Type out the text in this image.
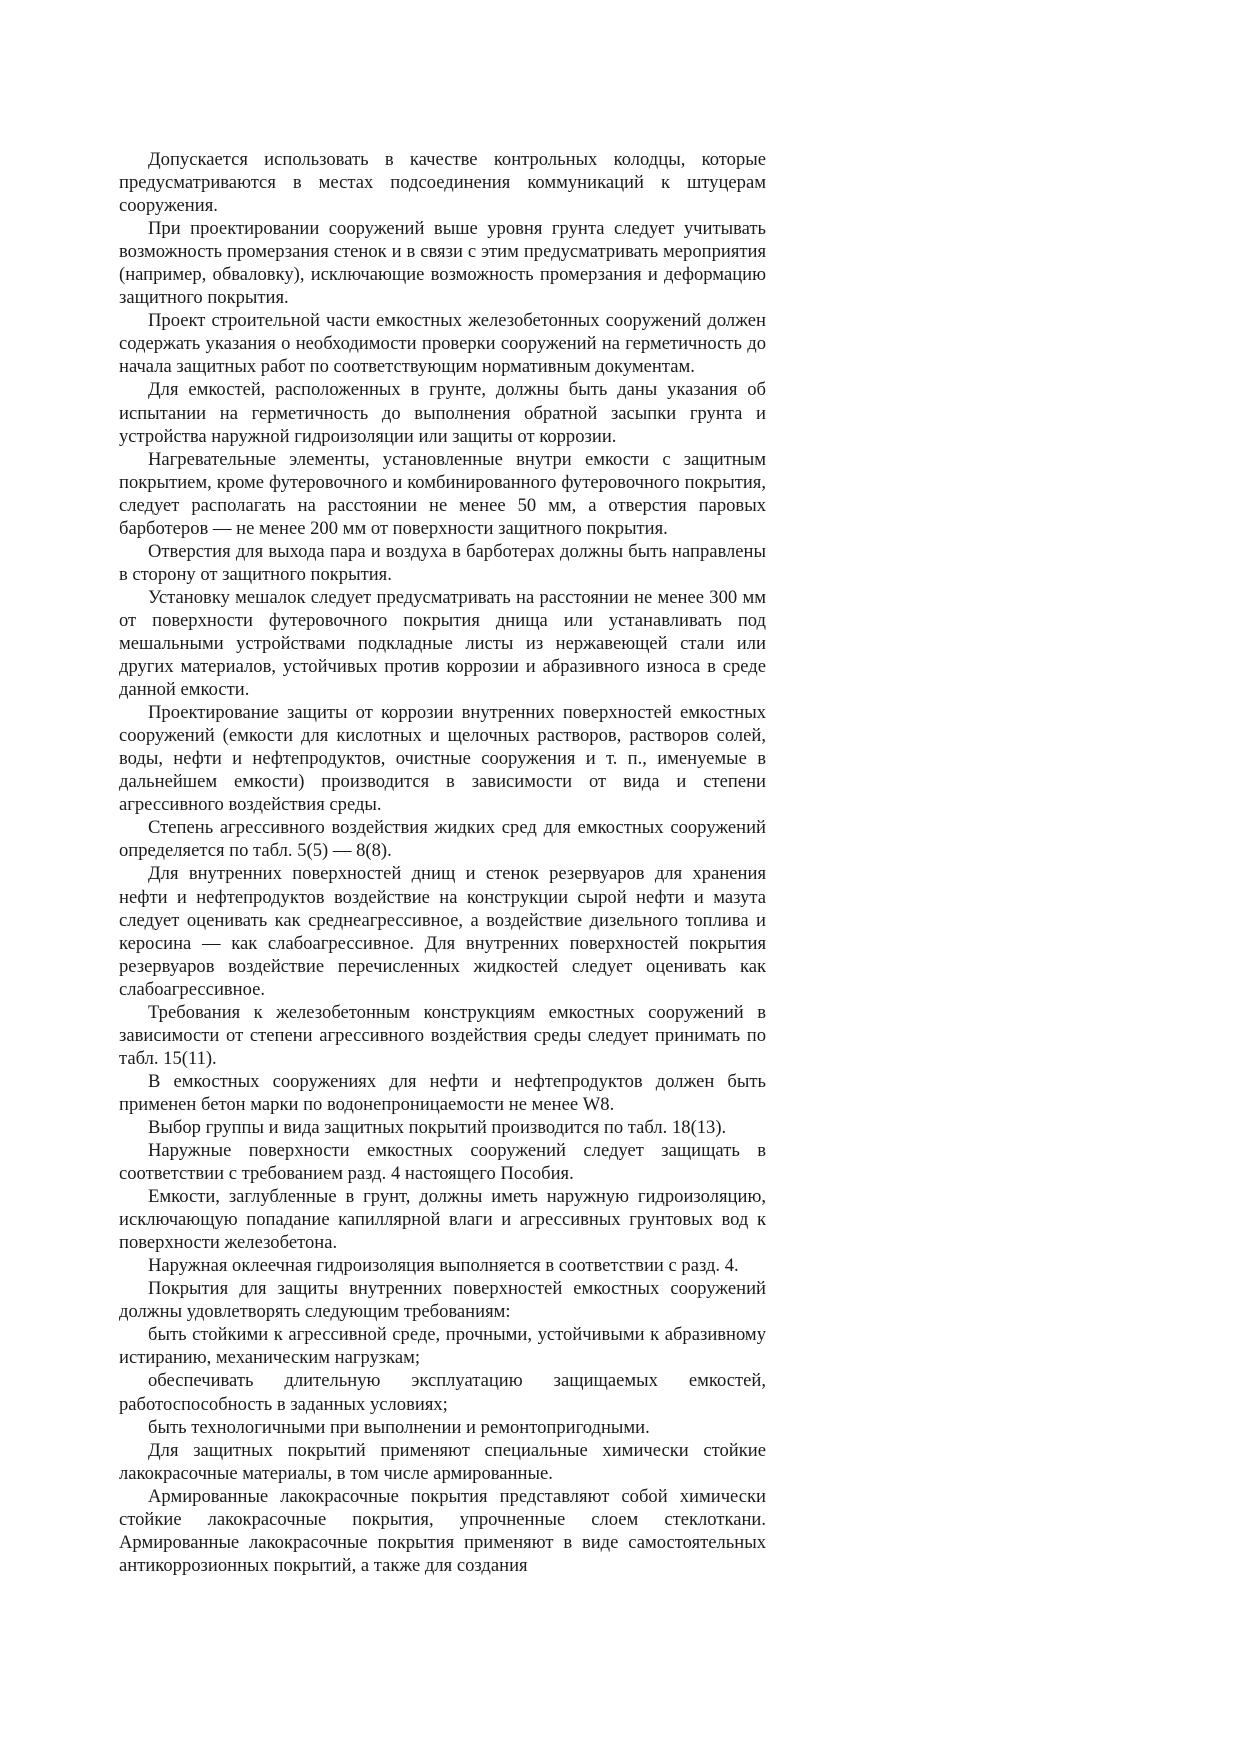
Допускается использовать в качестве контрольных колодцы, которые предусматриваются в местах подсоединения коммуникаций к штуцерам сооружения.

При проектировании сооружений выше уровня грунта следует учитывать возможность промерзания стенок и в связи с этим предусматривать мероприятия (например, обваловку), исключающие возможность промерзания и деформацию защитного покрытия.

Проект строительной части емкостных железобетонных сооружений должен содержать указания о необходимости проверки сооружений на герметичность до начала защитных работ по соответствующим нормативным документам.

Для емкостей, расположенных в грунте, должны быть даны указания об испытании на герметичность до выполнения обратной засыпки грунта и устройства наружной гидроизоляции или защиты от коррозии.

Нагревательные элементы, установленные внутри емкости с защитным покрытием, кроме футеровочного и комбинированного футеровочного покрытия, следует располагать на расстоянии не менее 50 мм, а отверстия паровых барботеров — не менее 200 мм от поверхности защитного покрытия.

Отверстия для выхода пара и воздуха в барботерах должны быть направлены в сторону от защитного покрытия.

Установку мешалок следует предусматривать на расстоянии не менее 300 мм от поверхности футеровочного покрытия днища или устанавливать под мешальными устройствами подкладные листы из нержавеющей стали или других материалов, устойчивых против коррозии и абразивного износа в среде данной емкости.

Проектирование защиты от коррозии внутренних поверхностей емкостных сооружений (емкости для кислотных и щелочных растворов, растворов солей, воды, нефти и нефтепродуктов, очистные сооружения и т. п., именуемые в дальнейшем емкости) производится в зависимости от вида и степени агрессивного воздействия среды.

Степень агрессивного воздействия жидких сред для емкостных сооружений определяется по табл. 5(5) — 8(8).

Для внутренних поверхностей днищ и стенок резервуаров для хранения нефти и нефтепродуктов воздействие на конструкции сырой нефти и мазута следует оценивать как среднеагрессивное, а воздействие дизельного топлива и керосина — как слабоагрессивное. Для внутренних поверхностей покрытия резервуаров воздействие перечисленных жидкостей следует оценивать как слабоагрессивное.

Требования к железобетонным конструкциям емкостных сооружений в зависимости от степени агрессивного воздействия среды следует принимать по табл. 15(11).

В емкостных сооружениях для нефти и нефтепродуктов должен быть применен бетон марки по водонепроницаемости не менее W8.

Выбор группы и вида защитных покрытий производится по табл. 18(13).

Наружные поверхности емкостных сооружений следует защищать в соответствии с требованием разд. 4 настоящего Пособия.

Емкости, заглубленные в грунт, должны иметь наружную гидроизоляцию, исключающую попадание капиллярной влаги и агрессивных грунтовых вод к поверхности железобетона.

Наружная оклеечная гидроизоляция выполняется в соответствии с разд. 4.

Покрытия для защиты внутренних поверхностей емкостных сооружений должны удовлетворять следующим требованиям:

быть стойкими к агрессивной среде, прочными, устойчивыми к абразивному истиранию, механическим нагрузкам;

обеспечивать длительную эксплуатацию защищаемых емкостей, работоспособность в заданных условиях;

быть технологичными при выполнении и ремонтопригодными.

Для защитных покрытий применяют специальные химически стойкие лакокрасочные материалы, в том числе армированные.

Армированные лакокрасочные покрытия представляют собой химически стойкие лакокрасочные покрытия, упрочненные слоем стеклоткани. Армированные лакокрасочные покрытия применяют в виде самостоятельных антикоррозионных покрытий, а также для создания
